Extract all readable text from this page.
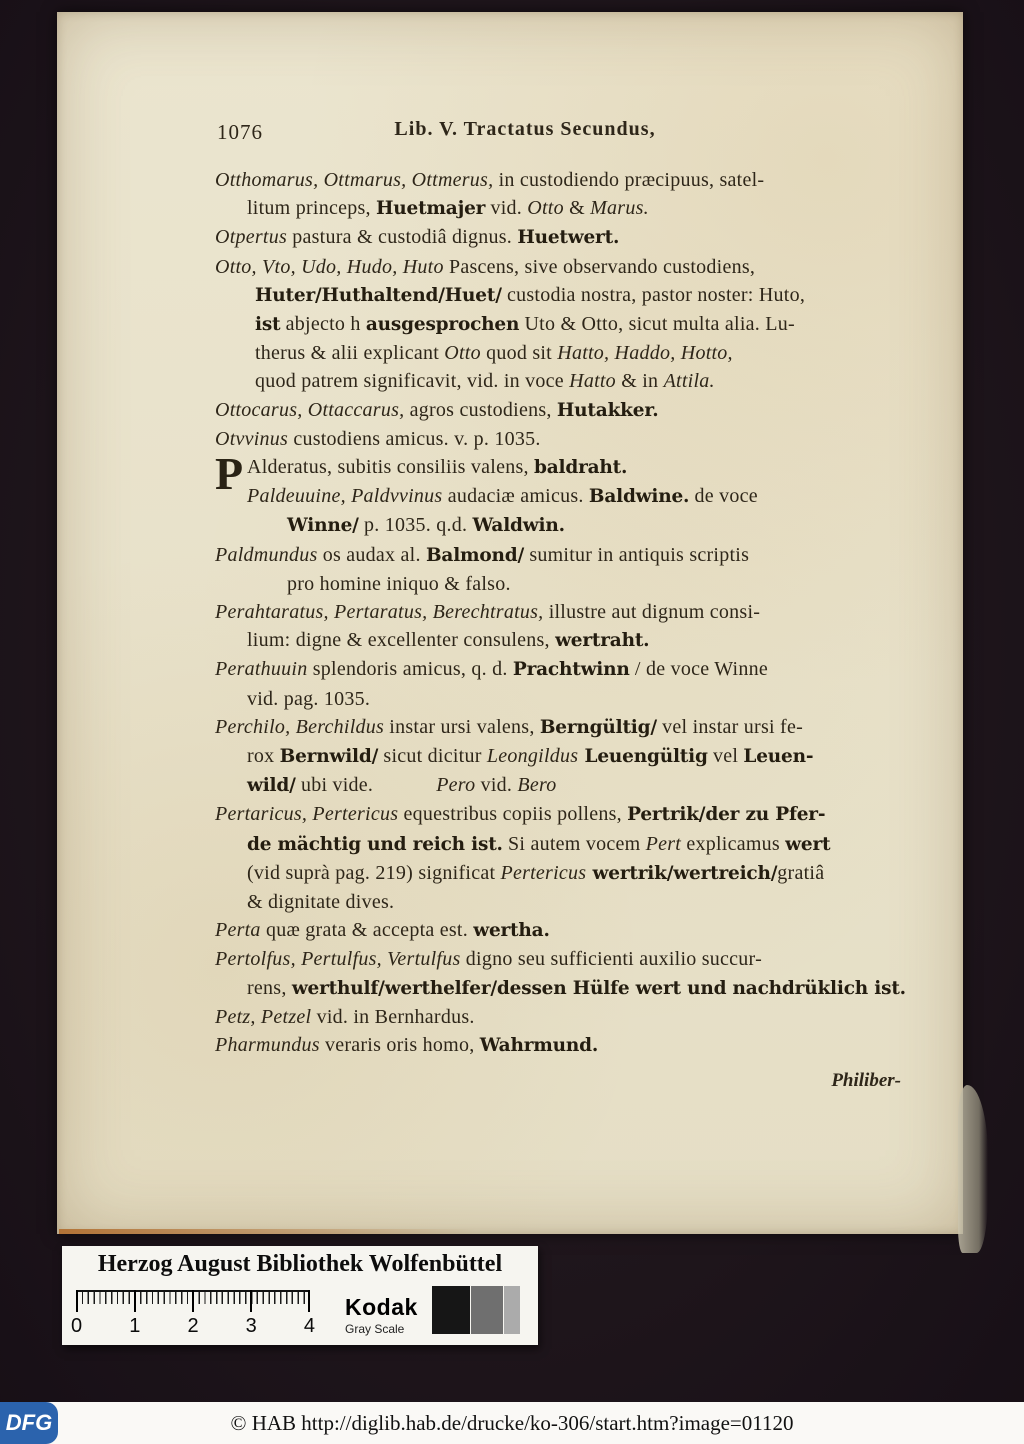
1076	Lib. V. Tractatus Secundus,
Otthomarus, Ottmarus, Ottmerus, in custodiendo præcipuus, satel-
litum princeps, Huetmajer vid. Otto & Marus.
Otpertus pastura & custodiâ dignus. Huetwert.
Otto, Vto, Udo, Hudo, Huto Pascens, sive observando custodiens,
Huter/Huthaltend/Huet/ custodia nostra, pastor noster: Huto,
ist abjecto h ausgesprochen Uto & Otto, sicut multa alia. Lu-
therus & alii explicant Otto quod sit Hatto, Haddo, Hotto,
quod patrem significavit, vid. in voce Hatto & in Attila.
Ottocarus, Ottaccarus, agros custodiens, Hutakker.
Otvvinus custodiens amicus. v. p. 1035.
P Alderatus, subitis consiliis valens, baldraht.
Paldeuuine, Paldvvinus audaciæ amicus. Baldwine. de voce
Winne/ p. 1035. q.d. Waldwin.
Paldmundus os audax al. Balmond/ sumitur in antiquis scriptis
pro homine iniquo & falso.
Perahtaratus, Pertaratus, Berechtratus, illustre aut dignum consi-
lium: digne & excellenter consulens, wertraht.
Perathuuin splendoris amicus, q. d. Prachtwinn / de voce Winne
vid. pag. 1035.
Perchilo, Berchildus instar ursi valens, Berngültig/ vel instar ursi fe-
rox Bernwild/ sicut dicitur Leongildus Leuengültig vel Leuen-
wild/ ubi vide.            Pero vid. Bero
Pertaricus, Pertericus equestribus copiis pollens, Pertrik/der zu Pfer-
de mächtig und reich ist. Si autem vocem Pert explicamus wert
(vid suprà pag. 219) significat Pertericus wertrik/wertreich/gratiâ
& dignitate dives.
Perta quæ grata & accepta est. wertha.
Pertolfus, Pertulfus, Vertulfus digno seu sufficienti auxilio succur-
rens, werthulf/werthelfer/dessen Hülfe wert und nachdrüklich ist.
Petz, Petzel vid. in Bernhardus.
Pharmundus veraris oris homo, Wahrmund.
Philiber-
Herzog August Bibliothek Wolfenbüttel
0 1 2 3 4
Kodak
Gray Scale
DFG	© HAB http://diglib.hab.de/drucke/ko-306/start.htm?image=01120
